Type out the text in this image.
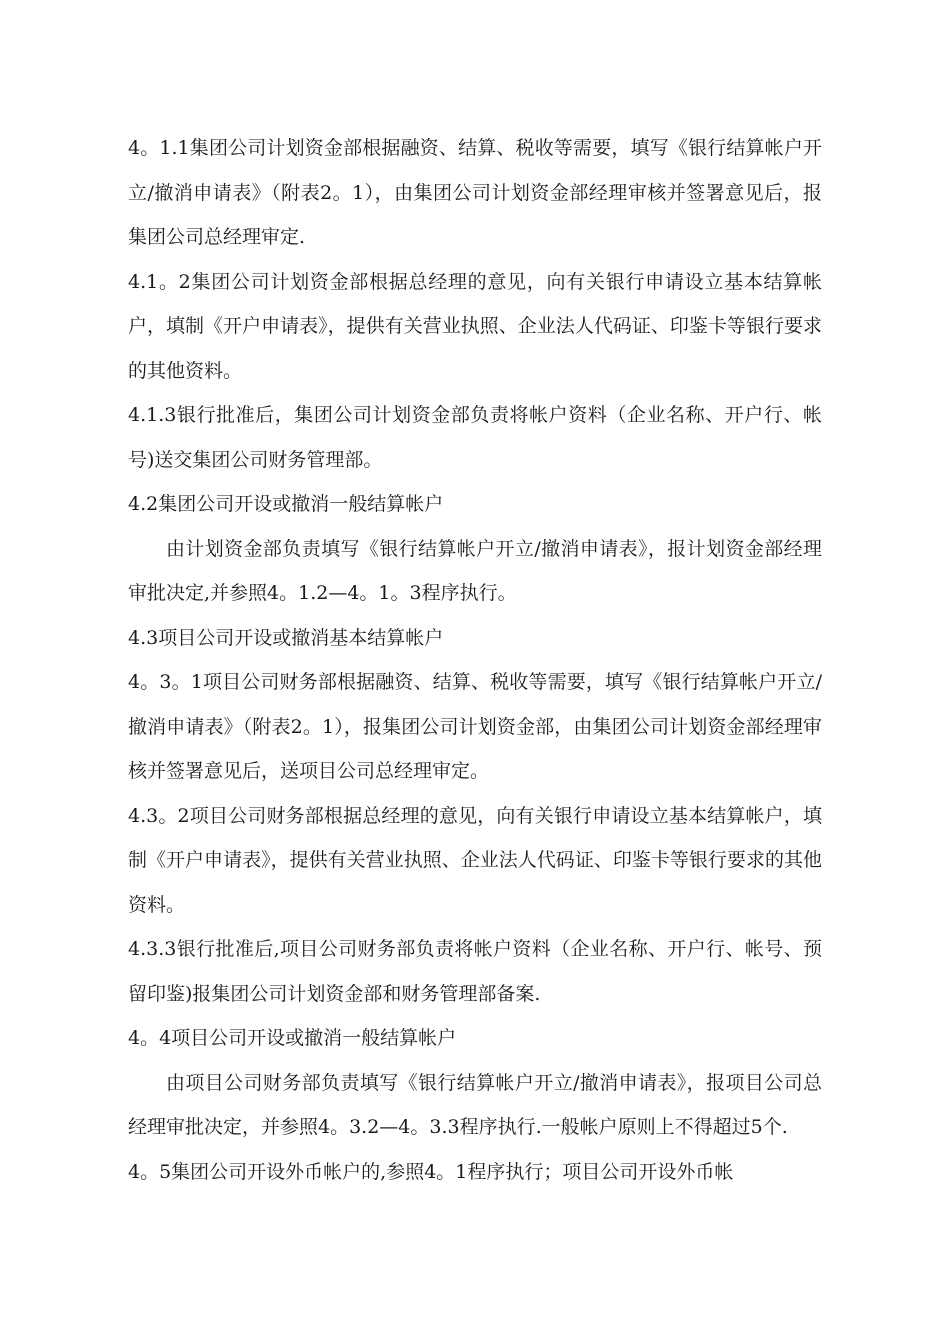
4。1.1集团公司计划资金部根据融资、结算、税收等需要，填写《银行结算帐户开立/撤消申请表》（附表2。1），由集团公司计划资金部经理审核并签署意见后，报集团公司总经理审定.

4.1。2集团公司计划资金部根据总经理的意见，向有关银行申请设立基本结算帐户，填制《开户申请表》，提供有关营业执照、企业法人代码证、印鉴卡等银行要求的其他资料。

4.1.3银行批准后，集团公司计划资金部负责将帐户资料（企业名称、开户行、帐号)送交集团公司财务管理部。

4.2集团公司开设或撤消一般结算帐户

由计划资金部负责填写《银行结算帐户开立/撤消申请表》，报计划资金部经理审批决定,并参照4。1.2—4。1。3程序执行。

4.3项目公司开设或撤消基本结算帐户

4。3。1项目公司财务部根据融资、结算、税收等需要，填写《银行结算帐户开立/撤消申请表》（附表2。1），报集团公司计划资金部，由集团公司计划资金部经理审核并签署意见后，送项目公司总经理审定。

4.3。2项目公司财务部根据总经理的意见，向有关银行申请设立基本结算帐户，填制《开户申请表》，提供有关营业执照、企业法人代码证、印鉴卡等银行要求的其他资料。

4.3.3银行批准后,项目公司财务部负责将帐户资料（企业名称、开户行、帐号、预留印鉴)报集团公司计划资金部和财务管理部备案.

4。4项目公司开设或撤消一般结算帐户

由项目公司财务部负责填写《银行结算帐户开立/撤消申请表》，报项目公司总经理审批决定，并参照4。3.2—4。3.3程序执行.一般帐户原则上不得超过5个.

4。5集团公司开设外币帐户的,参照4。1程序执行；项目公司开设外币帐
